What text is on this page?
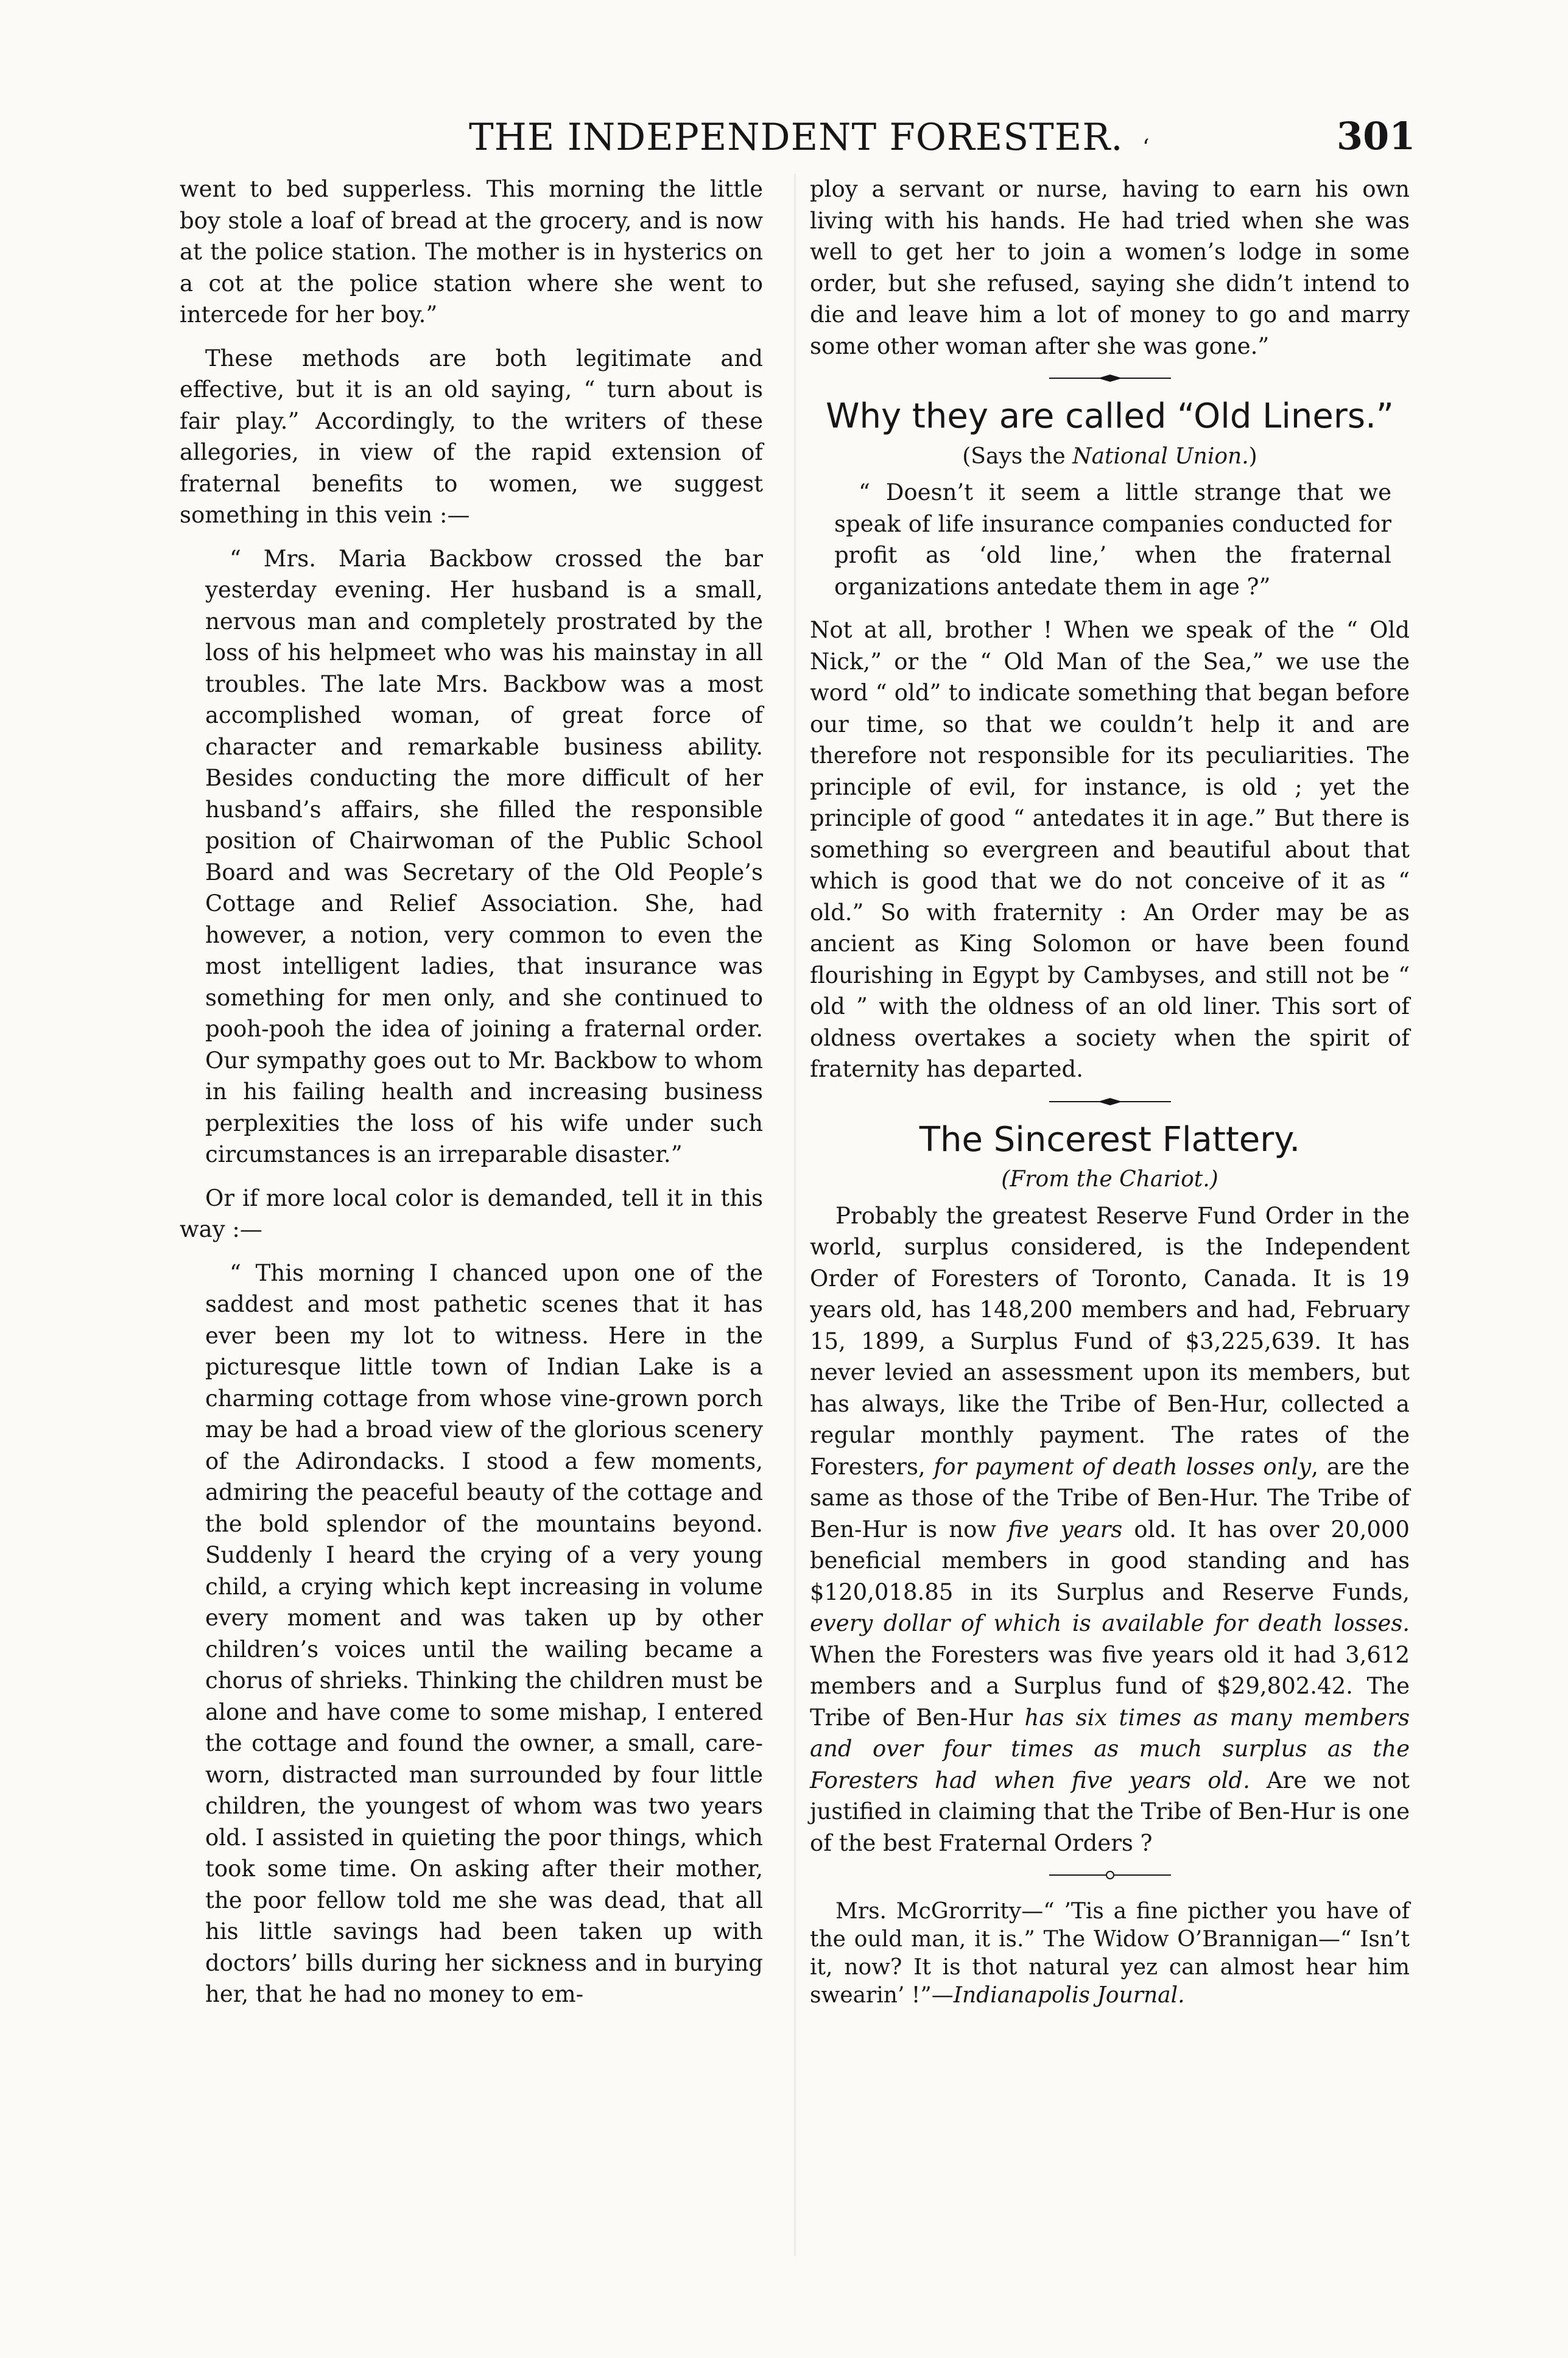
THE INDEPENDENT FORESTER. ʻ	301

went to bed supperless. This morning the little boy stole a loaf of bread at the grocery, and is now at the police station. The mother is in hysterics on a cot at the police station where she went to intercede for her boy.”

These methods are both legitimate and effective, but it is an old saying, “ turn about is fair play.” Accordingly, to the writers of these allegories, in view of the rapid extension of fraternal benefits to women, we suggest something in this vein :—

“ Mrs. Maria Backbow crossed the bar yesterday evening. Her husband is a small, nervous man and completely prostrated by the loss of his helpmeet who was his mainstay in all troubles. The late Mrs. Backbow was a most accomplished woman, of great force of character and remarkable business ability. Besides conducting the more difficult of her husband’s affairs, she filled the responsible position of Chairwoman of the Public School Board and was Secretary of the Old People’s Cottage and Relief Association. She, had however, a notion, very common to even the most intelligent ladies, that insurance was something for men only, and she continued to pooh-pooh the idea of joining a fraternal order. Our sympathy goes out to Mr. Backbow to whom in his failing health and increasing business perplexities the loss of his wife under such circumstances is an irreparable disaster.”

Or if more local color is demanded, tell it in this way :—

“ This morning I chanced upon one of the saddest and most pathetic scenes that it has ever been my lot to witness. Here in the picturesque little town of Indian Lake is a charming cottage from whose vine-grown porch may be had a broad view of the glorious scenery of the Adirondacks. I stood a few moments, admiring the peaceful beauty of the cottage and the bold splendor of the mountains beyond. Suddenly I heard the crying of a very young child, a crying which kept increasing in volume every moment and was taken up by other children’s voices until the wailing became a chorus of shrieks. Thinking the children must be alone and have come to some mishap, I entered the cottage and found the owner, a small, care-worn, distracted man surrounded by four little children, the youngest of whom was two years old. I assisted in quieting the poor things, which took some time. On asking after their mother, the poor fellow told me she was dead, that all his little savings had been taken up with doctors’ bills during her sickness and in burying her, that he had no money to em-

ploy a servant or nurse, having to earn his own living with his hands. He had tried when she was well to get her to join a women’s lodge in some order, but she refused, saying she didn’t intend to die and leave him a lot of money to go and marry some other woman after she was gone.”

Why they are called “Old Liners.”
(Says the National Union.)

“ Doesn’t it seem a little strange that we speak of life insurance companies conducted for profit as ‘old line,’ when the fraternal organizations antedate them in age ?”

Not at all, brother ! When we speak of the “ Old Nick,” or the “ Old Man of the Sea,” we use the word “ old” to indicate something that began before our time, so that we couldn’t help it and are therefore not responsible for its peculiarities. The principle of evil, for instance, is old ; yet the principle of good “ antedates it in age.” But there is something so evergreen and beautiful about that which is good that we do not conceive of it as “ old.” So with fraternity : An Order may be as ancient as King Solomon or have been found flourishing in Egypt by Cambyses, and still not be “ old ” with the oldness of an old liner. This sort of oldness overtakes a society when the spirit of fraternity has departed.

The Sincerest Flattery.
(From the Chariot.)

Probably the greatest Reserve Fund Order in the world, surplus considered, is the Independent Order of Foresters of Toronto, Canada. It is 19 years old, has 148,200 members and had, February 15, 1899, a Surplus Fund of $3,225,639. It has never levied an assessment upon its members, but has always, like the Tribe of Ben-Hur, collected a regular monthly payment. The rates of the Foresters, for payment of death losses only, are the same as those of the Tribe of Ben-Hur. The Tribe of Ben-Hur is now five years old. It has over 20,000 beneficial members in good standing and has $120,018.85 in its Surplus and Reserve Funds, every dollar of which is available for death losses. When the Foresters was five years old it had 3,612 members and a Surplus fund of $29,802.42. The Tribe of Ben-Hur has six times as many members and over four times as much surplus as the Foresters had when five years old. Are we not justified in claiming that the Tribe of Ben-Hur is one of the best Fraternal Orders ?

Mrs. McGrorrity—“ ’Tis a fine picther you have of the ould man, it is.” The Widow O’Brannigan—“ Isn’t it, now? It is thot natural yez can almost hear him swearin’ !”—Indianapolis Journal.
